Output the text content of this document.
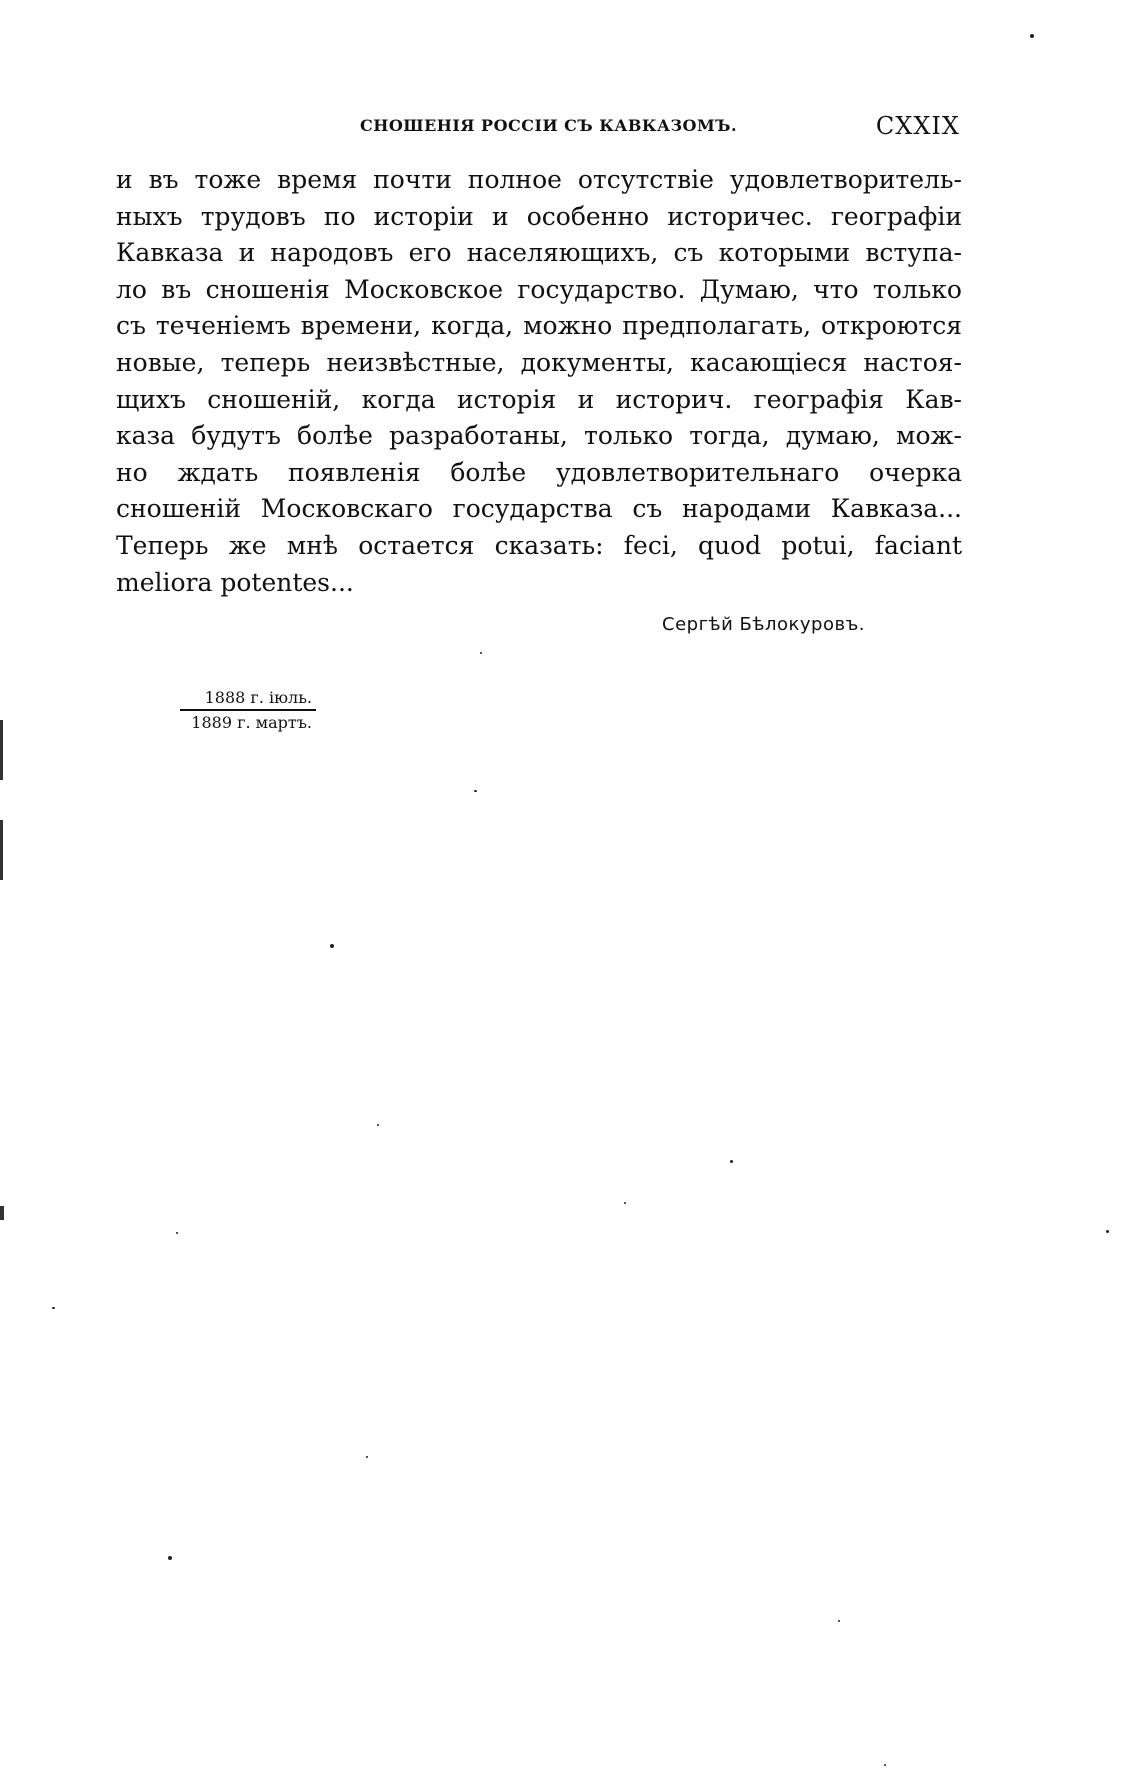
СНОШЕНІЯ РОССІИ СЪ КАВКАЗОМЪ.	CXXIX
и въ тоже время почти полное отсутствіе удовлетворитель-
ныхъ трудовъ по исторіи и особенно историчес. географіи
Кавказа и народовъ его населяющихъ, съ которыми вступа-
ло въ сношенія Московское государство. Думаю, что только
съ теченіемъ времени, когда, можно предполагать, откроются
новые, теперь неизвѣстные, документы, касающіеся настоя-
щихъ сношеній, когда исторія и историч. географія Кав-
каза будутъ болѣе разработаны, только тогда, думаю, мож-
но ждать появленія болѣе удовлетворительнаго очерка
сношеній Московскаго государства съ народами Кавказа...
Теперь же мнѣ остается сказать: feci, quod potui, faciant
meliora potentes...
Сергѣй Бѣлокуровъ.
1888 г. іюль.
1889 г. мартъ.
